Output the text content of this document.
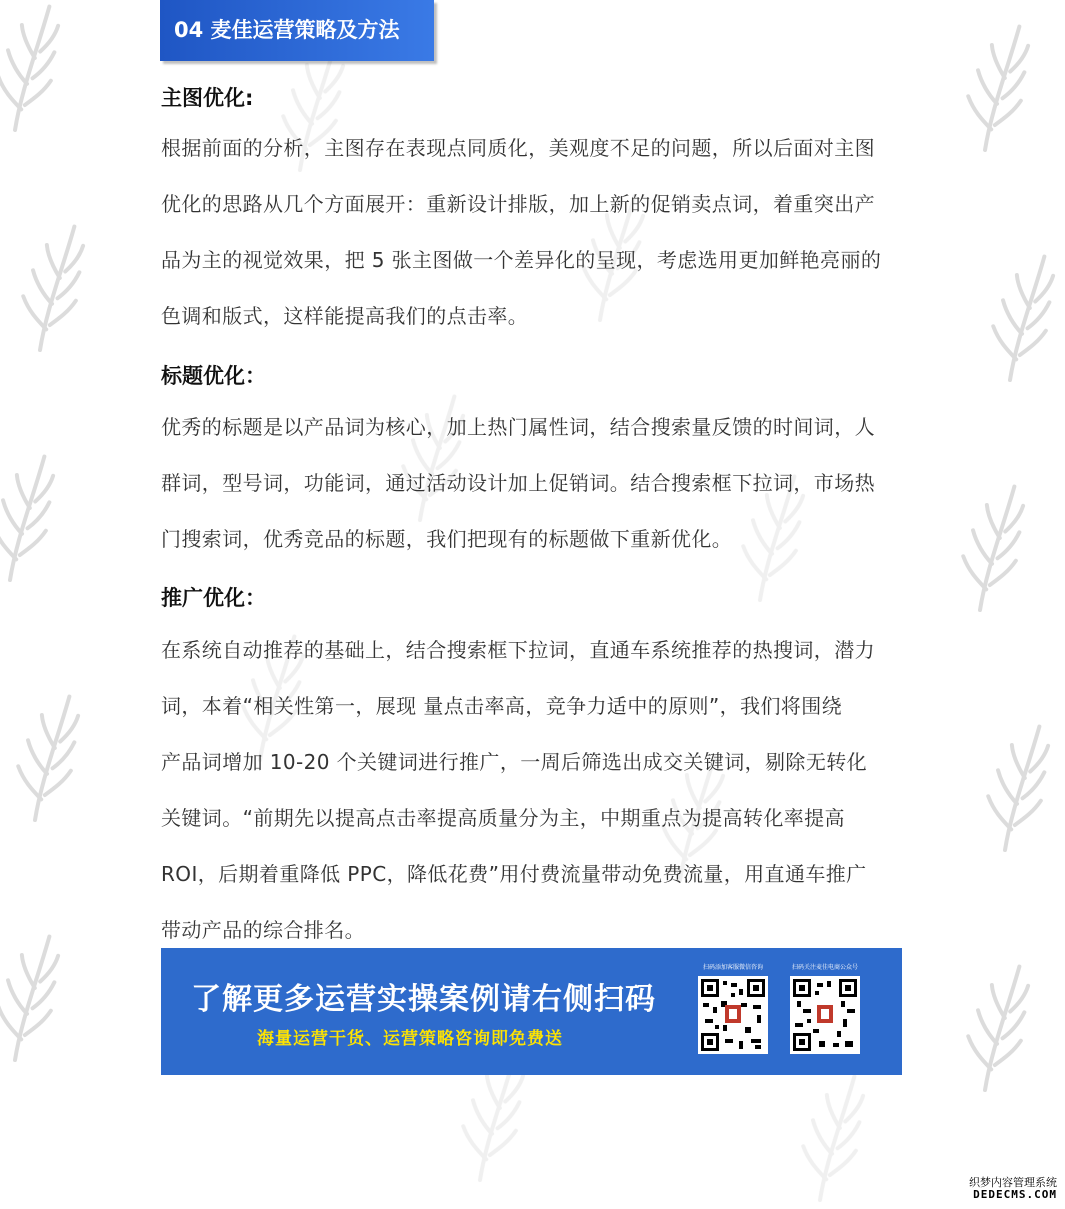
04 麦佳运营策略及方法
主图优化:
根据前面的分析，主图存在表现点同质化，美观度不足的问题，所以后面对主图
优化的思路从几个方面展开：重新设计排版，加上新的促销卖点词，着重突出产
品为主的视觉效果，把 5 张主图做一个差异化的呈现，考虑选用更加鲜艳亮丽的
色调和版式，这样能提高我们的点击率。
标题优化：
优秀的标题是以产品词为核心，加上热门属性词，结合搜索量反馈的时间词，人
群词，型号词，功能词，通过活动设计加上促销词。结合搜索框下拉词，市场热
门搜索词，优秀竞品的标题，我们把现有的标题做下重新优化。
推广优化：
在系统自动推荐的基础上，结合搜索框下拉词，直通车系统推荐的热搜词，潜力
词，本着“相关性第一，展现 量点击率高，竞争力适中的原则”，我们将围绕
产品词增加 10-20 个关键词进行推广，一周后筛选出成交关键词，剔除无转化
关键词。“前期先以提高点击率提高质量分为主，中期重点为提高转化率提高
ROI，后期着重降低 PPC，降低花费”用付费流量带动免费流量，用直通车推广
带动产品的综合排名。
了解更多运营实操案例请右侧扫码
海量运营干货、运营策略咨询即免费送
扫码添加客服微信咨询	扫码关注麦佳电商公众号
织梦内容管理系统
DEDECMS.COM
